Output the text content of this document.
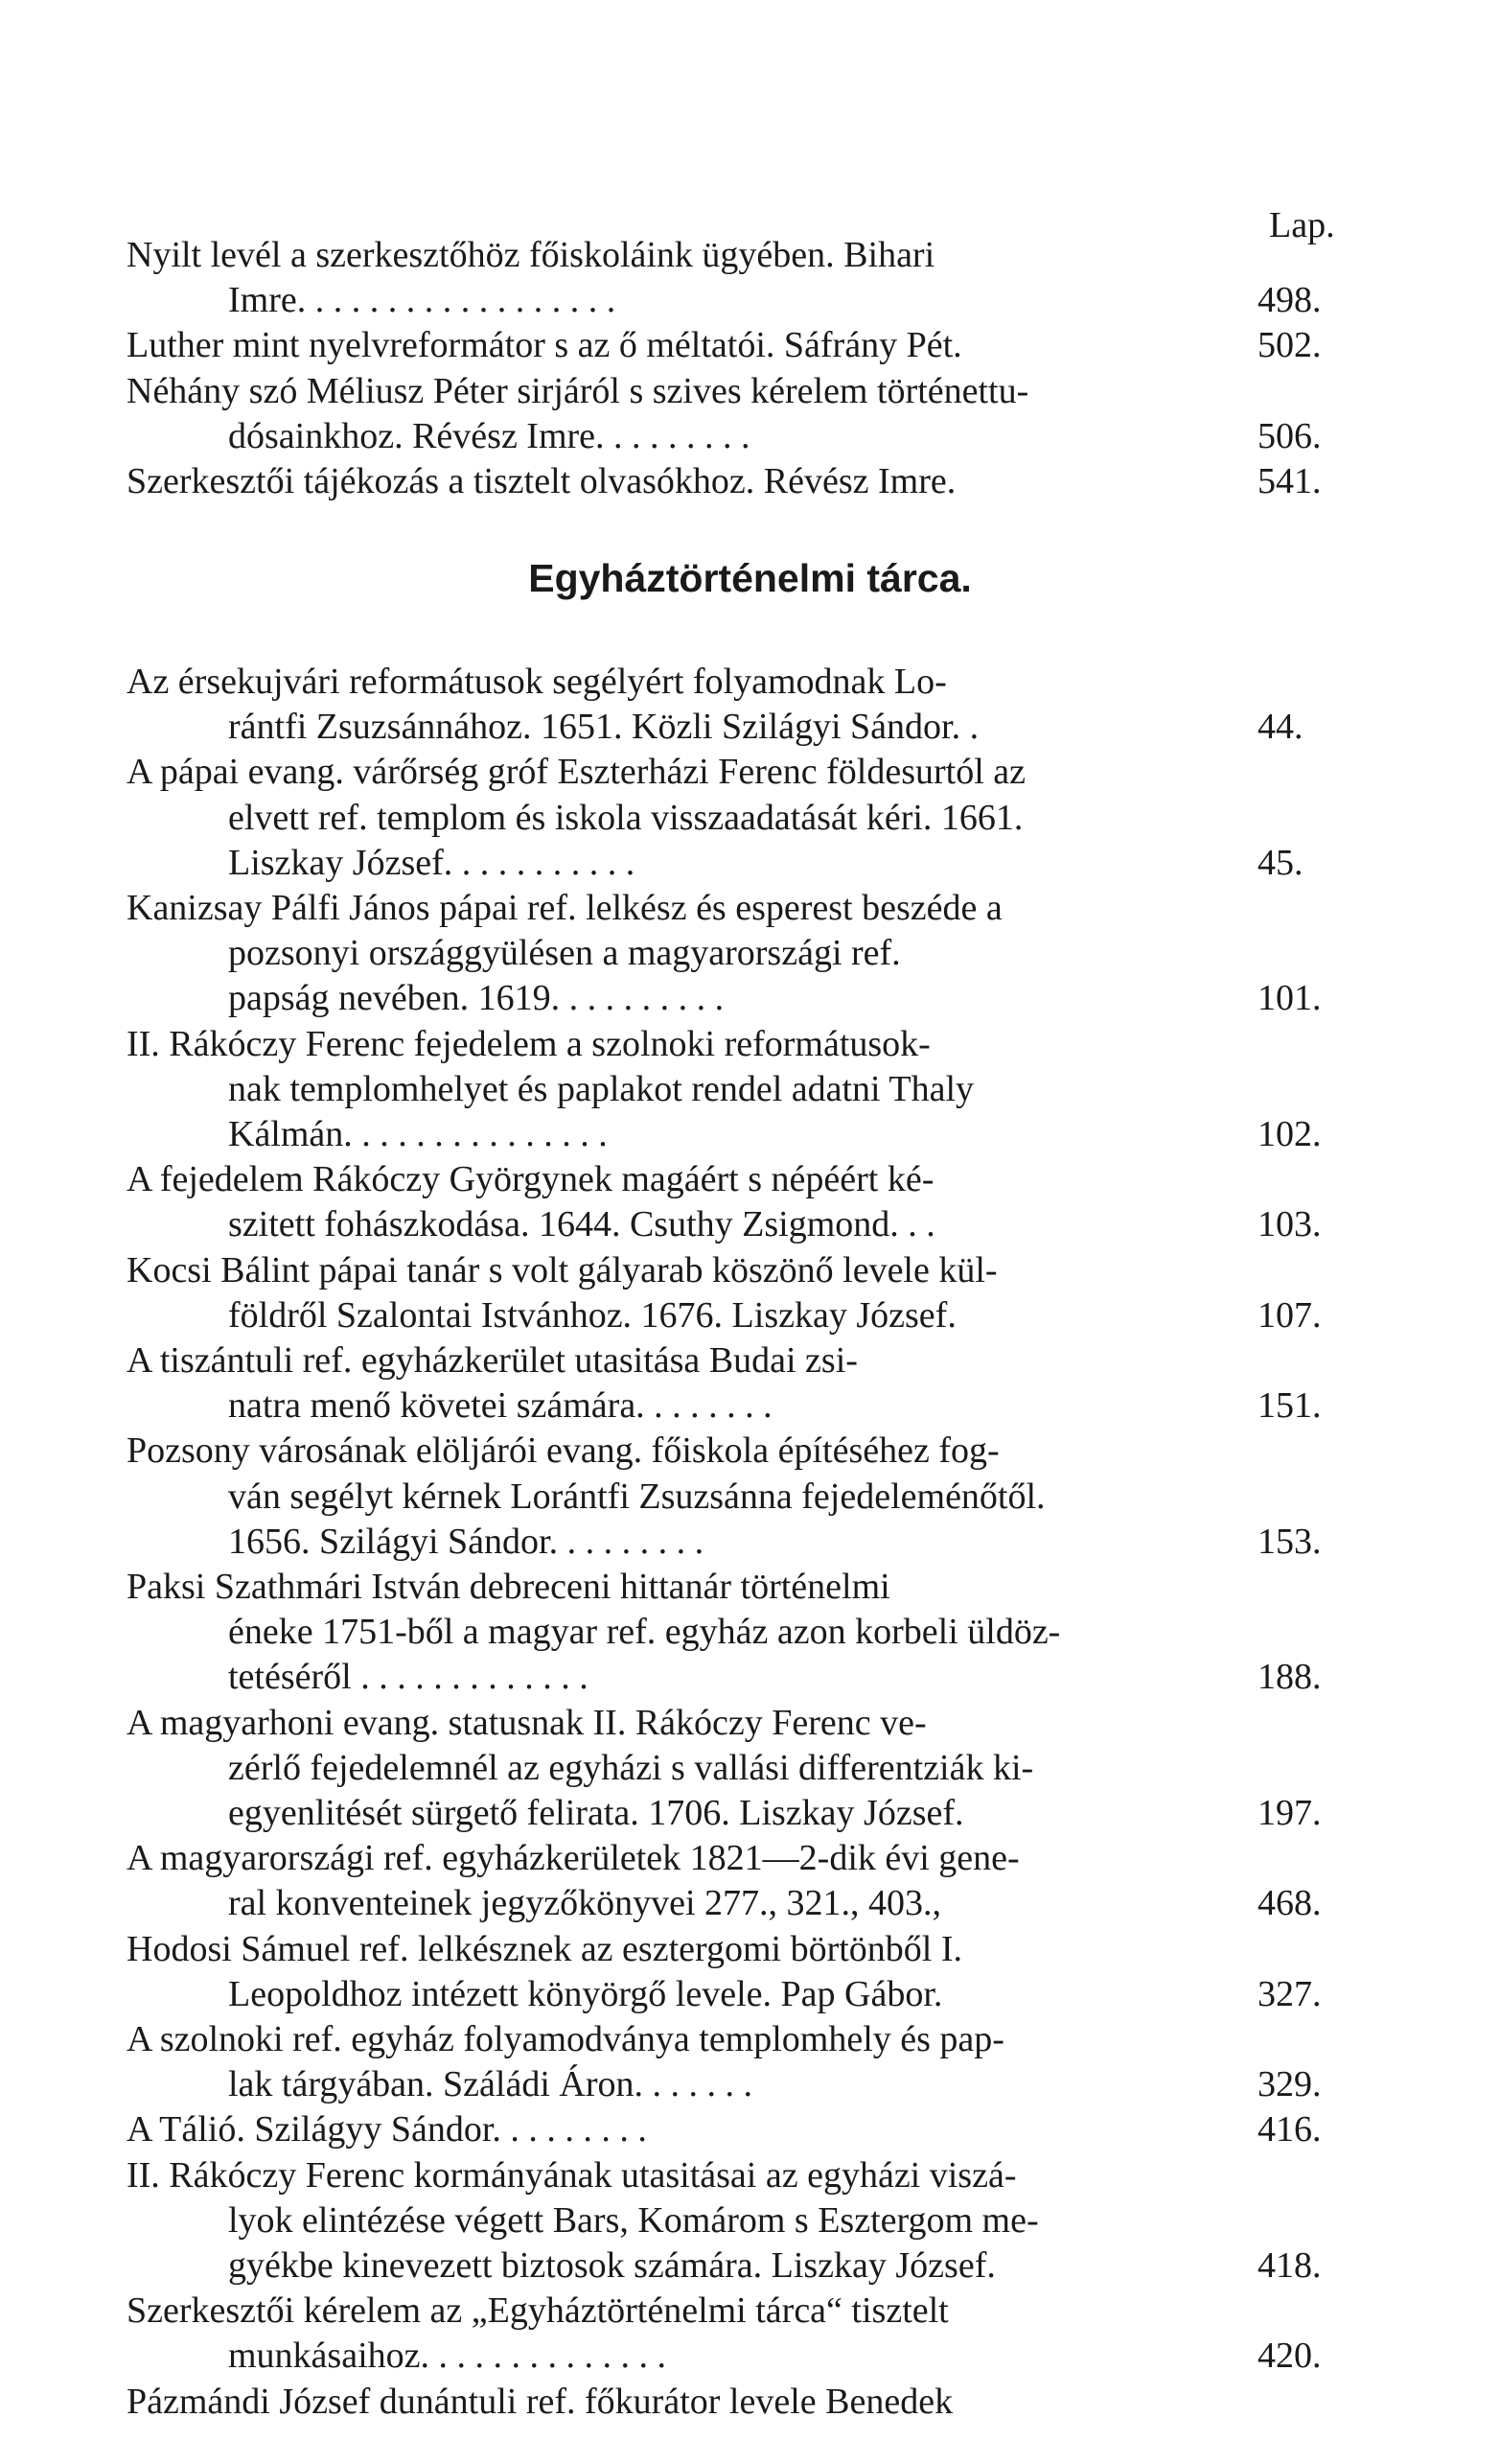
Lap.
Nyilt levél a szerkesztőhöz főiskoláink ügyében. Bihari
Imre. . . . . . . . . . . . . . . . . .	498.
Luther mint nyelvreformátor s az ő méltatói. Sáfrány Pét.	502.
Néhány szó Méliusz Péter sirjáról s szives kérelem történettu-
dósainkhoz. Révész Imre. . . . . . . . .	506.
Szerkesztői tájékozás a tisztelt olvasókhoz. Révész Imre.	541.
Egyháztörténelmi tárca.
Az érsekujvári reformátusok segélyért folyamodnak Lo-
rántfi Zsuzsánnához. 1651. Közli Szilágyi Sándor. .	44.
A pápai evang. várőrség gróf Eszterházi Ferenc földesurtól az
elvett ref. templom és iskola visszaadatását kéri. 1661.
Liszkay József. . . . . . . . . . .	45.
Kanizsay Pálfi János pápai ref. lelkész és esperest beszéde a
pozsonyi országgyülésen a magyarországi ref.
papság nevében. 1619. . . . . . . . . .	101.
II. Rákóczy Ferenc fejedelem a szolnoki reformátusok-
nak templomhelyet és paplakot rendel adatni Thaly
Kálmán. . . . . . . . . . . . . . .	102.
A fejedelem Rákóczy Györgynek magáért s népéért ké-
szitett fohászkodása. 1644. Csuthy Zsigmond. . .	103.
Kocsi Bálint pápai tanár s volt gályarab köszönő levele kül-
földről Szalontai Istvánhoz. 1676. Liszkay József.	107.
A tiszántuli ref. egyházkerület utasitása Budai zsi-
natra menő követei számára. . . . . . . .	151.
Pozsony városának elöljárói evang. főiskola építéséhez fog-
ván segélyt kérnek Lorántfi Zsuzsánna fejedeleménőtől.
1656. Szilágyi Sándor. . . . . . . . .	153.
Paksi Szathmári István debreceni hittanár történelmi
éneke 1751-ből a magyar ref. egyház azon korbeli üldöz-
tetéséről . . . . . . . . . . . . .	188.
A magyarhoni evang. statusnak II. Rákóczy Ferenc ve-
zérlő fejedelemnél az egyházi s vallási differentziák ki-
egyenlitését sürgető felirata. 1706. Liszkay József.	197.
A magyarországi ref. egyházkerületek 1821—2-dik évi gene-
ral konventeinek jegyzőkönyvei 277., 321., 403.,	468.
Hodosi Sámuel ref. lelkésznek az esztergomi börtönből I.
Leopoldhoz intézett könyörgő levele. Pap Gábor.	327.
A szolnoki ref. egyház folyamodványa templomhely és pap-
lak tárgyában. Száládi Áron. . . . . . .	329.
A Tálió. Szilágyy Sándor. . . . . . . . .	416.
II. Rákóczy Ferenc kormányának utasitásai az egyházi viszá-
lyok elintézése végett Bars, Komárom s Esztergom me-
gyékbe kinevezett biztosok számára. Liszkay József.	418.
Szerkesztői kérelem az „Egyháztörténelmi tárca“ tisztelt
munkásaihoz. . . . . . . . . . . . . .	420.
Pázmándi József dunántuli ref. főkurátor levele Benedek
